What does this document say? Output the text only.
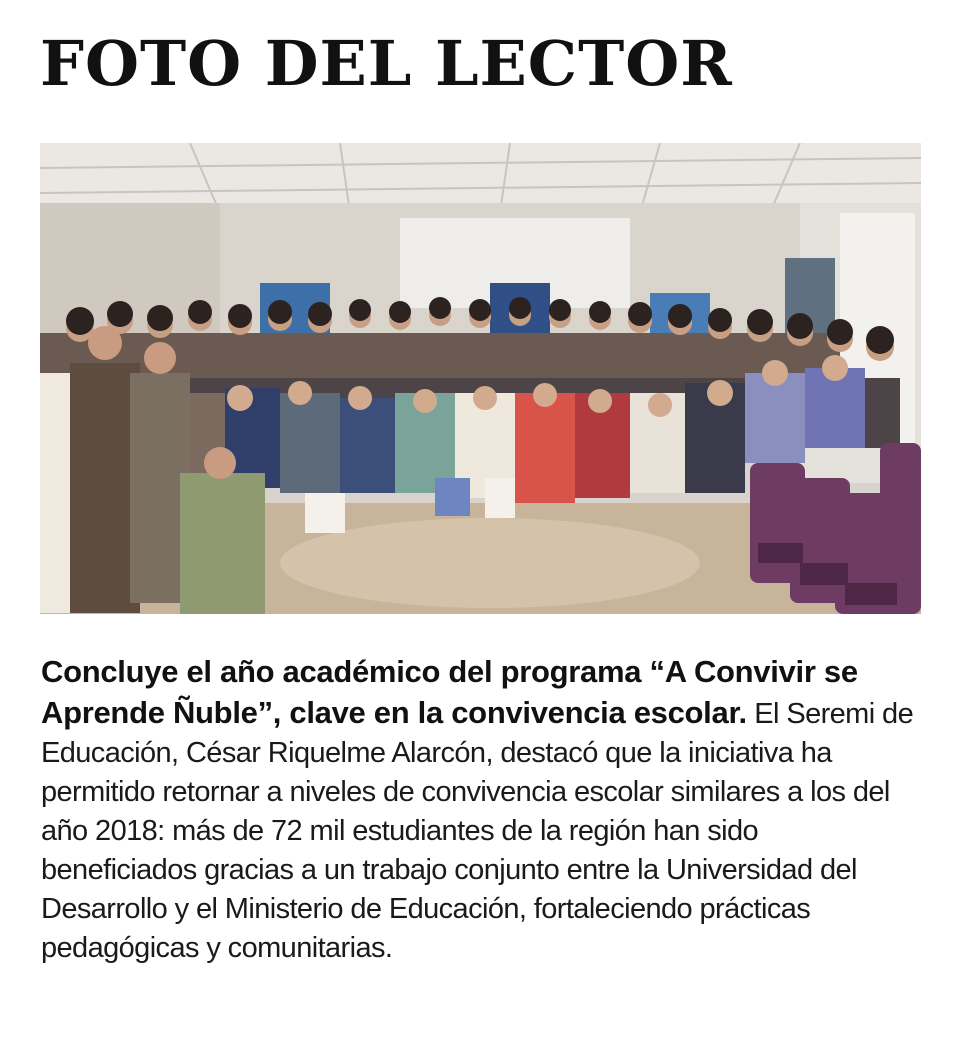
FOTO DEL LECTOR

Concluye el año académico del programa “A Convivir se Aprende Ñuble”, clave en la convivencia escolar. El Seremi de Educación, César Riquelme Alarcón, destacó que la iniciativa ha permitido retornar a niveles de convivencia escolar similares a los del año 2018: más de 72 mil estudiantes de la región han sido beneficiados gracias a un trabajo conjunto entre la Universidad del Desarrollo y el Ministerio de Educación, fortaleciendo prácticas pedagógicas y comunitarias.
